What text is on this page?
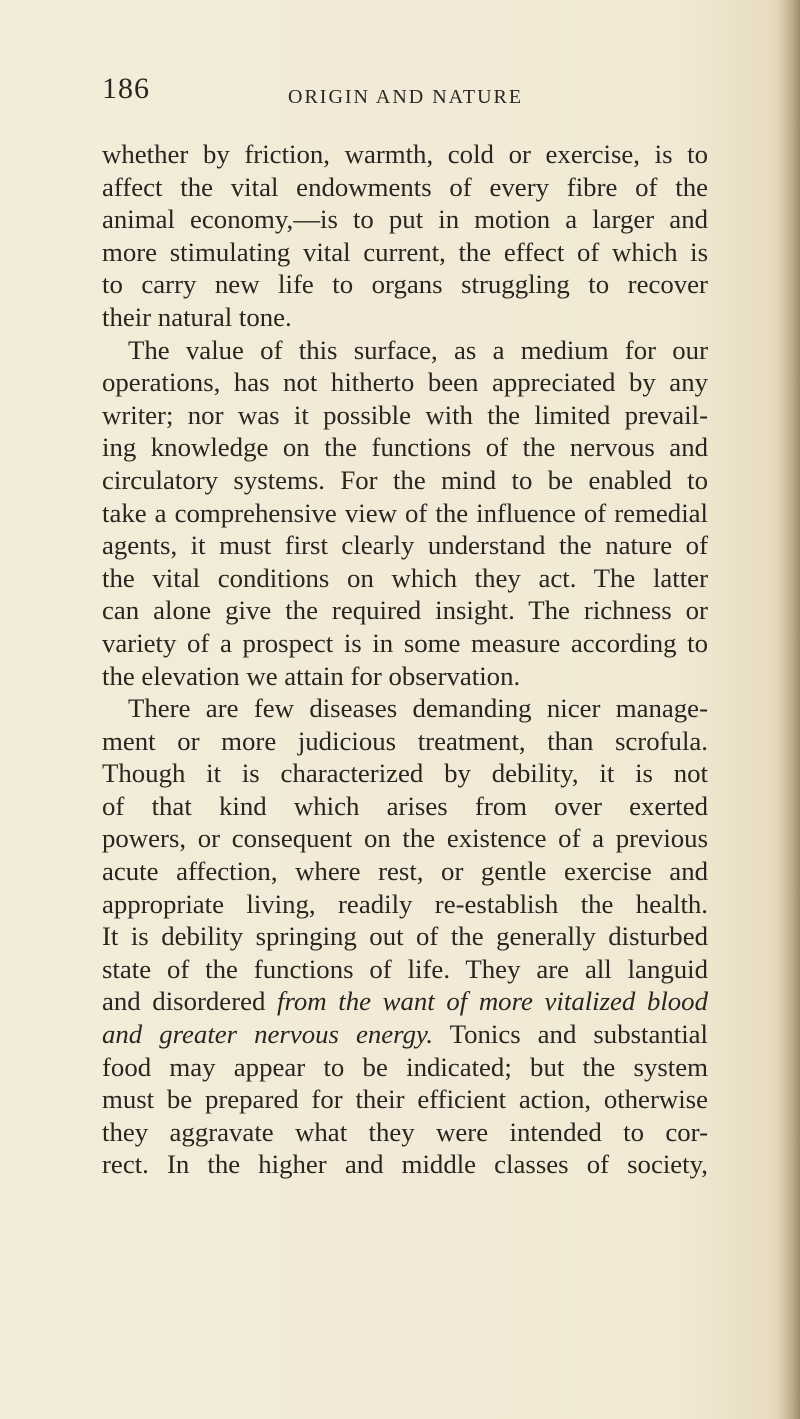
186	ORIGIN AND NATURE
whether by friction, warmth, cold or exercise, is to
affect the vital endowments of every fibre of the
animal economy,—is to put in motion a larger and
more stimulating vital current, the effect of which is
to carry new life to organs struggling to recover
their natural tone.
The value of this surface, as a medium for our
operations, has not hitherto been appreciated by any
writer; nor was it possible with the limited prevail-
ing knowledge on the functions of the nervous and
circulatory systems. For the mind to be enabled to
take a comprehensive view of the influence of remedial
agents, it must first clearly understand the nature of
the vital conditions on which they act. The latter
can alone give the required insight. The richness or
variety of a prospect is in some measure according to
the elevation we attain for observation.
There are few diseases demanding nicer manage-
ment or more judicious treatment, than scrofula.
Though it is characterized by debility, it is not
of that kind which arises from over exerted
powers, or consequent on the existence of a previous
acute affection, where rest, or gentle exercise and
appropriate living, readily re-establish the health.
It is debility springing out of the generally disturbed
state of the functions of life. They are all languid
and disordered from the want of more vitalized blood
and greater nervous energy. Tonics and substantial
food may appear to be indicated; but the system
must be prepared for their efficient action, otherwise
they aggravate what they were intended to cor-
rect. In the higher and middle classes of society,
